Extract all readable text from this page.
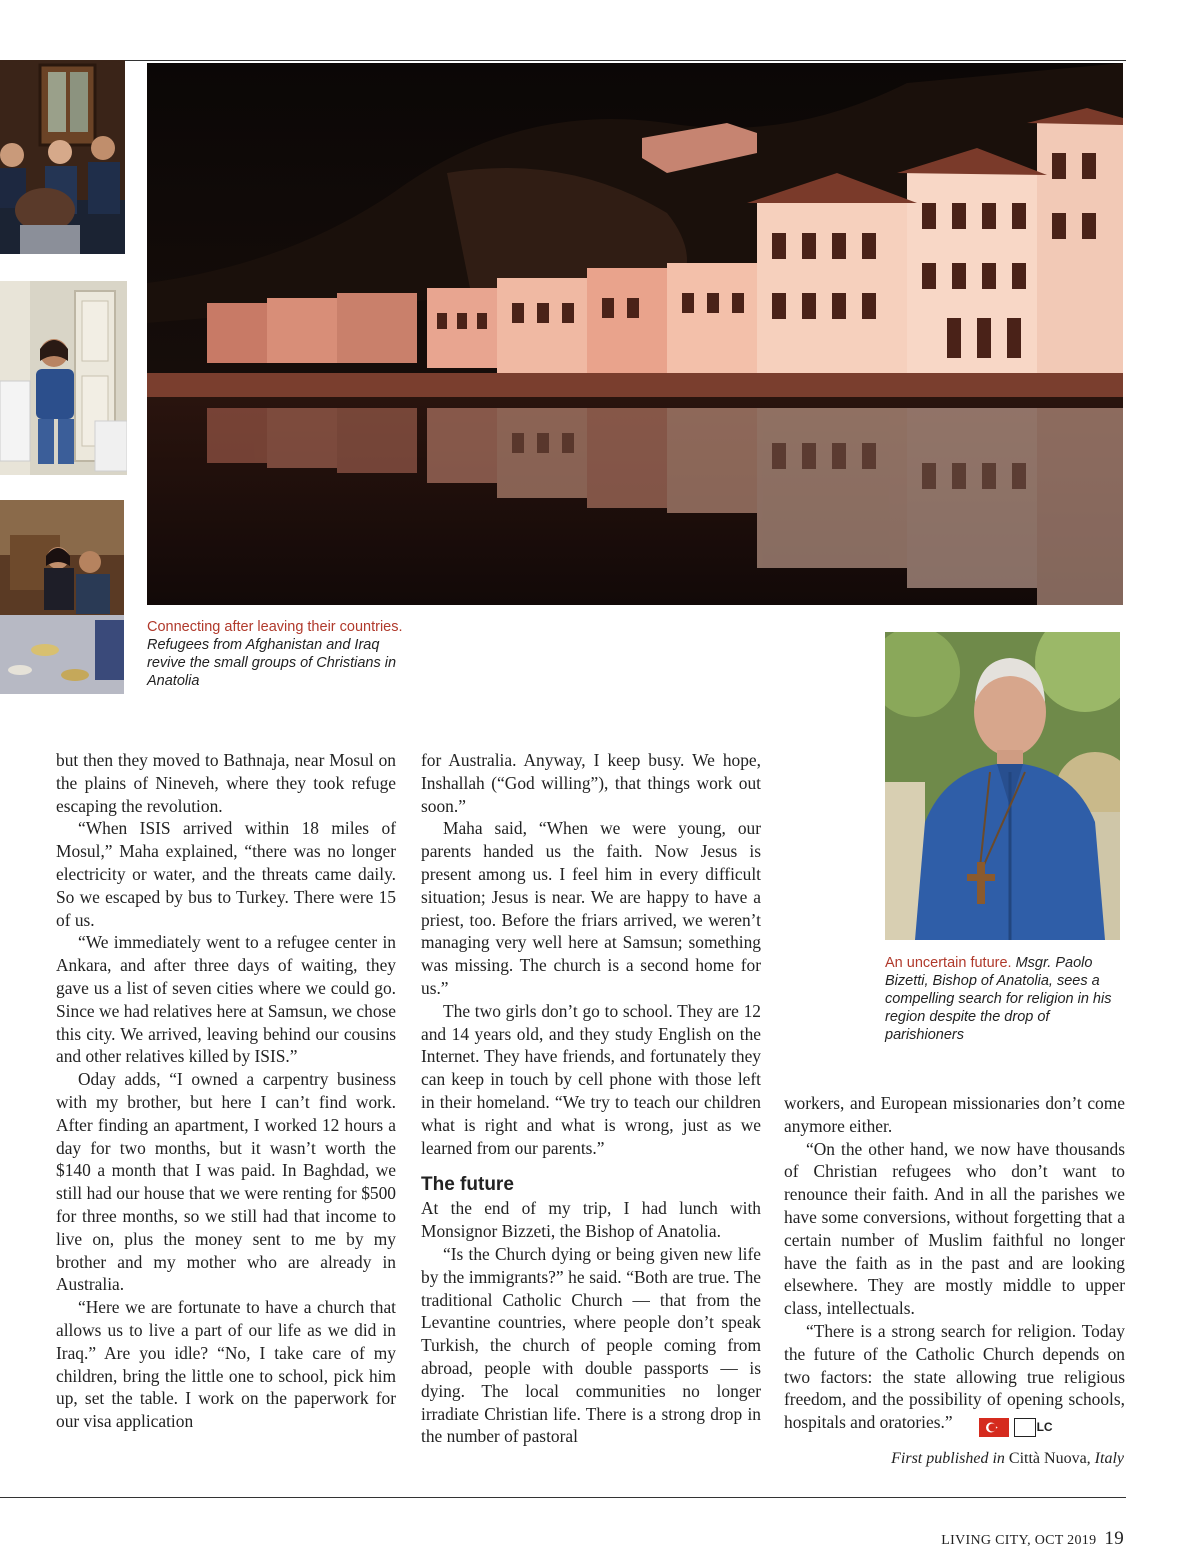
Connecting after leaving their countries. Refugees from Afghanistan and Iraq revive the small groups of Christians in Anatolia
An uncertain future. Msgr. Paolo Bizetti, Bishop of Anatolia, sees a compelling search for religion in his region despite the drop of parishioners

but then they moved to Bathnaja, near Mosul on the plains of Nineveh, where they took refuge escaping the revolution.

“When ISIS arrived within 18 miles of Mosul,” Maha explained, “there was no longer electricity or water, and the threats came daily. So we escaped by bus to Turkey. There were 15 of us.

“We immediately went to a refugee center in Ankara, and after three days of waiting, they gave us a list of seven cities where we could go. Since we had relatives here at Samsun, we chose this city. We arrived, leaving behind our cousins and other relatives killed by ISIS.”

Oday adds, “I owned a carpentry business with my brother, but here I can’t find work. After finding an apartment, I worked 12 hours a day for two months, but it wasn’t worth the $140 a month that I was paid. In Baghdad, we still had our house that we were renting for $500 for three months, so we still had that income to live on, plus the money sent to me by my brother and my mother who are already in Australia.

“Here we are fortunate to have a church that allows us to live a part of our life as we did in Iraq.” Are you idle? “No, I take care of my children, bring the little one to school, pick him up, set the table. I work on the paperwork for our visa application

for Australia. Anyway, I keep busy. We hope, Inshallah (“God willing”), that things work out soon.”

Maha said, “When we were young, our parents handed us the faith. Now Jesus is present among us. I feel him in every difficult situation; Jesus is near. We are happy to have a priest, too. Before the friars arrived, we weren’t managing very well here at Samsun; something was missing. The church is a second home for us.”

The two girls don’t go to school. They are 12 and 14 years old, and they study English on the Internet. They have friends, and fortunately they can keep in touch by cell phone with those left in their homeland. “We try to teach our children what is right and what is wrong, just as we learned from our parents.”

The future

At the end of my trip, I had lunch with Monsignor Bizzeti, the Bishop of Anatolia.

“Is the Church dying or being given new life by the immigrants?” he said. “Both are true. The traditional Catholic Church — that from the Levantine countries, where people don’t speak Turkish, the church of people coming from abroad, people with double passports — is dying. The local communities no longer irradiate Christian life. There is a strong drop in the number of pastoral

workers, and European missionaries don’t come anymore either.

“On the other hand, we now have thousands of Christian refugees who don’t want to renounce their faith. And in all the parishes we have some conversions, without forgetting that a certain number of Muslim faithful no longer have the faith as in the past and are looking elsewhere. They are mostly middle to upper class, intellectuals.

“There is a strong search for religion. Today the future of the Catholic Church depends on two factors: the state allowing true religious freedom, and the possibility of opening schools, hospitals and oratories.”	LC

First published in Città Nuova, Italy
LIVING CITY, OCT 2019 19
